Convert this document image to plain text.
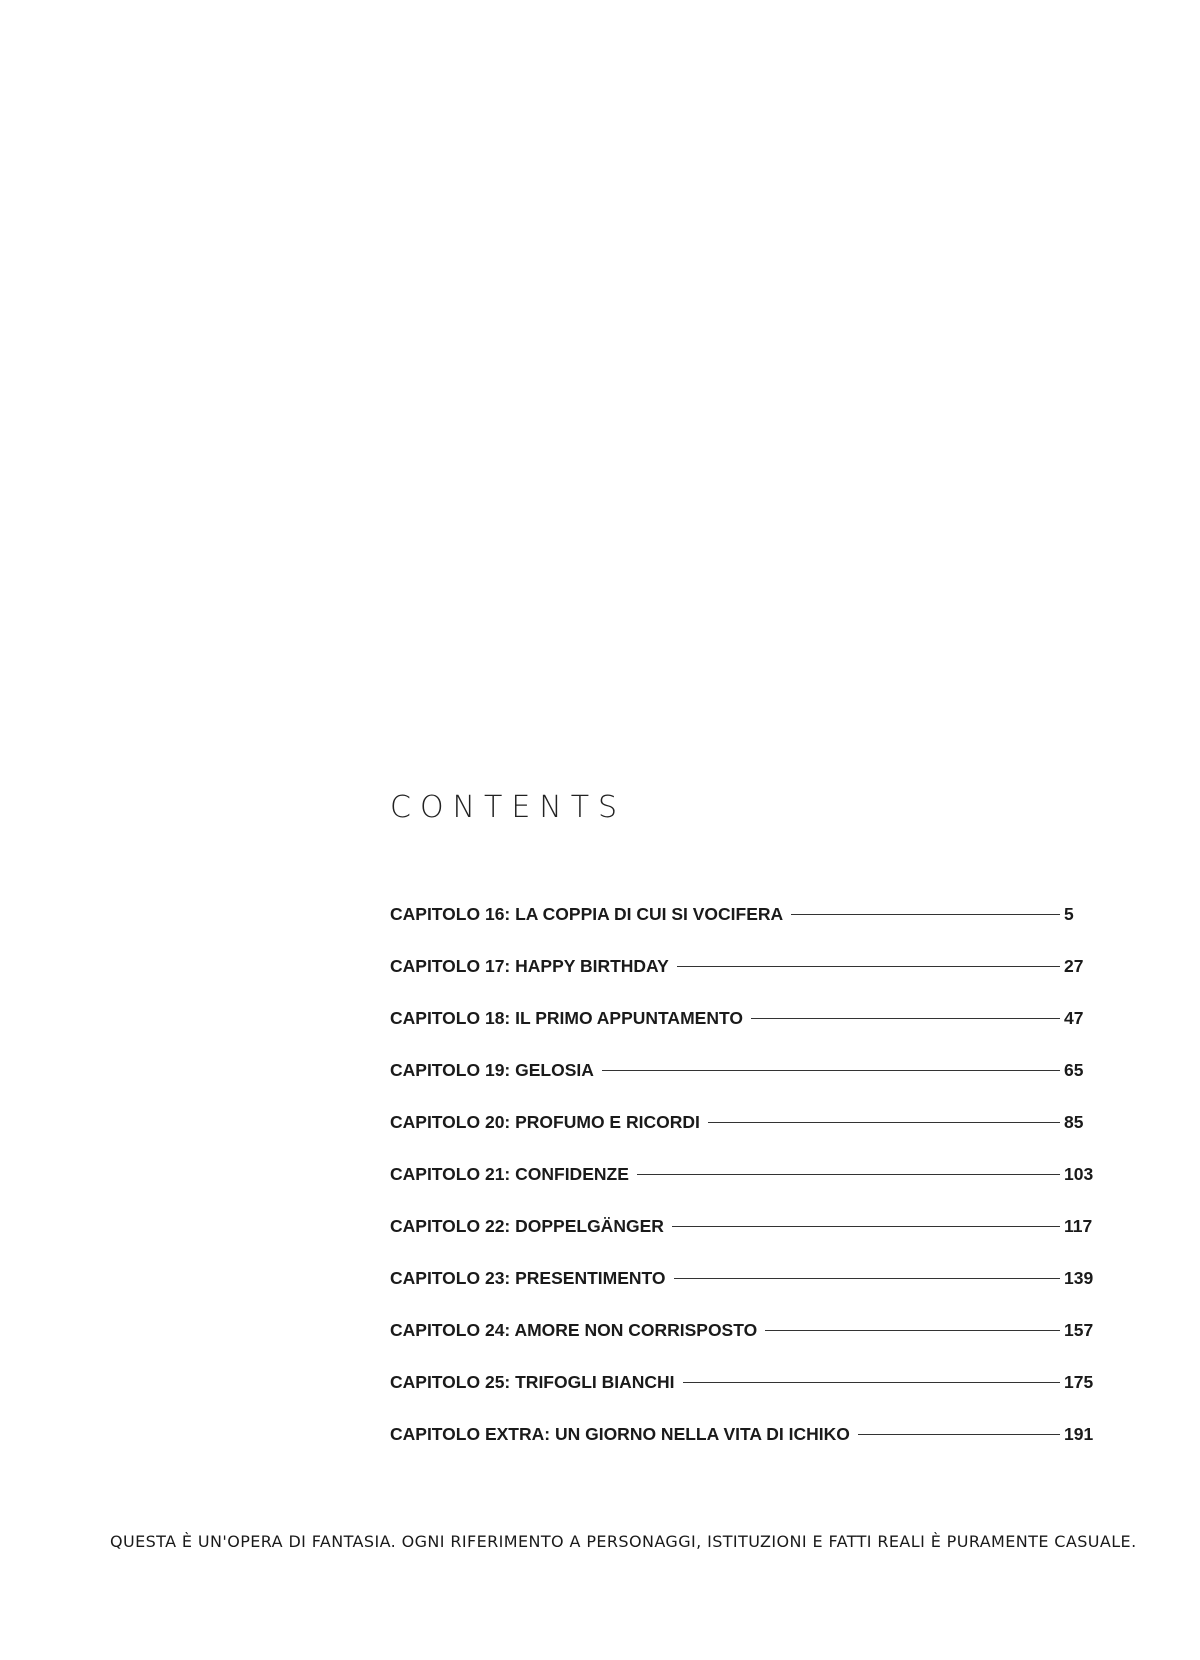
CONTENTS
CAPITOLO 16: LA COPPIA DI CUI SI VOCIFERA	5
CAPITOLO 17: HAPPY BIRTHDAY	27
CAPITOLO 18: IL PRIMO APPUNTAMENTO	47
CAPITOLO 19: GELOSIA	65
CAPITOLO 20: PROFUMO E RICORDI	85
CAPITOLO 21: CONFIDENZE	103
CAPITOLO 22: DOPPELGÄNGER	117
CAPITOLO 23: PRESENTIMENTO	139
CAPITOLO 24: AMORE NON CORRISPOSTO	157
CAPITOLO 25: TRIFOGLI BIANCHI	175
CAPITOLO EXTRA: UN GIORNO NELLA VITA DI ICHIKO	191

QUESTA È UN'OPERA DI FANTASIA. OGNI RIFERIMENTO A PERSONAGGI, ISTITUZIONI E FATTI REALI È PURAMENTE CASUALE.
